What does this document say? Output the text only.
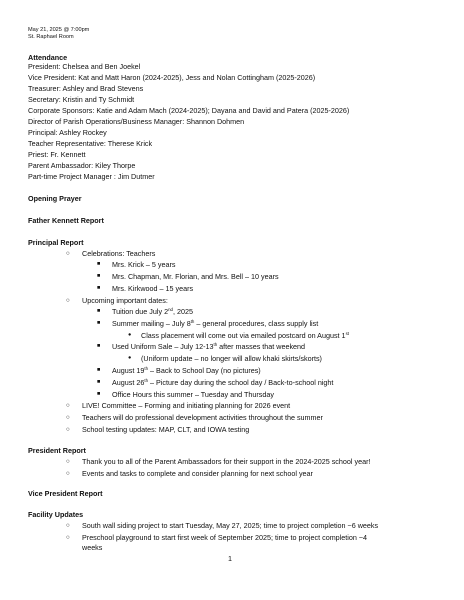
May 21, 2025 @ 7:00pm
St. Raphael Room
Attendance
President: Chelsea and Ben Joekel
Vice President: Kat and Matt Haron (2024-2025), Jess and Nolan Cottingham (2025-2026)
Treasurer: Ashley and Brad Stevens
Secretary: Kristin and Ty Schmidt
Corporate Sponsors: Katie and Adam Mach (2024-2025); Dayana and David and Patera (2025-2026)
Director of Parish Operations/Business Manager: Shannon Dohmen
Principal: Ashley Rockey
Teacher Representative: Therese Krick
Priest: Fr. Kennett
Parent Ambassador: Kiley Thorpe
Part-time Project Manager : Jim Dutmer
Opening Prayer
Father Kennett Report
Principal Report
○ Celebrations: Teachers
■ Mrs. Krick – 5 years
■ Mrs. Chapman, Mr. Florian, and Mrs. Bell – 10 years
■ Mrs. Kirkwood – 15 years
○ Upcoming important dates:
■ Tuition due July 2nd, 2025
■ Summer mailing – July 8th – general procedures, class supply list
● Class placement will come out via emailed postcard on August 1st
■ Used Uniform Sale – July 12-13th after masses that weekend
● (Uniform update – no longer will allow khaki skirts/skorts)
■ August 19th – Back to School Day (no pictures)
■ August 26th – Picture day during the school day / Back-to-school night
■ Office Hours this summer – Tuesday and Thursday
○ LIVE! Committee – Forming and initiating planning for 2026 event
○ Teachers will do professional development activities throughout the summer
○ School testing updates: MAP, CLT, and IOWA testing
President Report
○ Thank you to all of the Parent Ambassadors for their support in the 2024-2025 school year!
○ Events and tasks to complete and consider planning for next school year
Vice President Report
Facility Updates
○ South wall siding project to start Tuesday, May 27, 2025; time to project completion ~6 weeks
○ Preschool playground to start first week of September 2025; time to project completion ~4
weeks
1
